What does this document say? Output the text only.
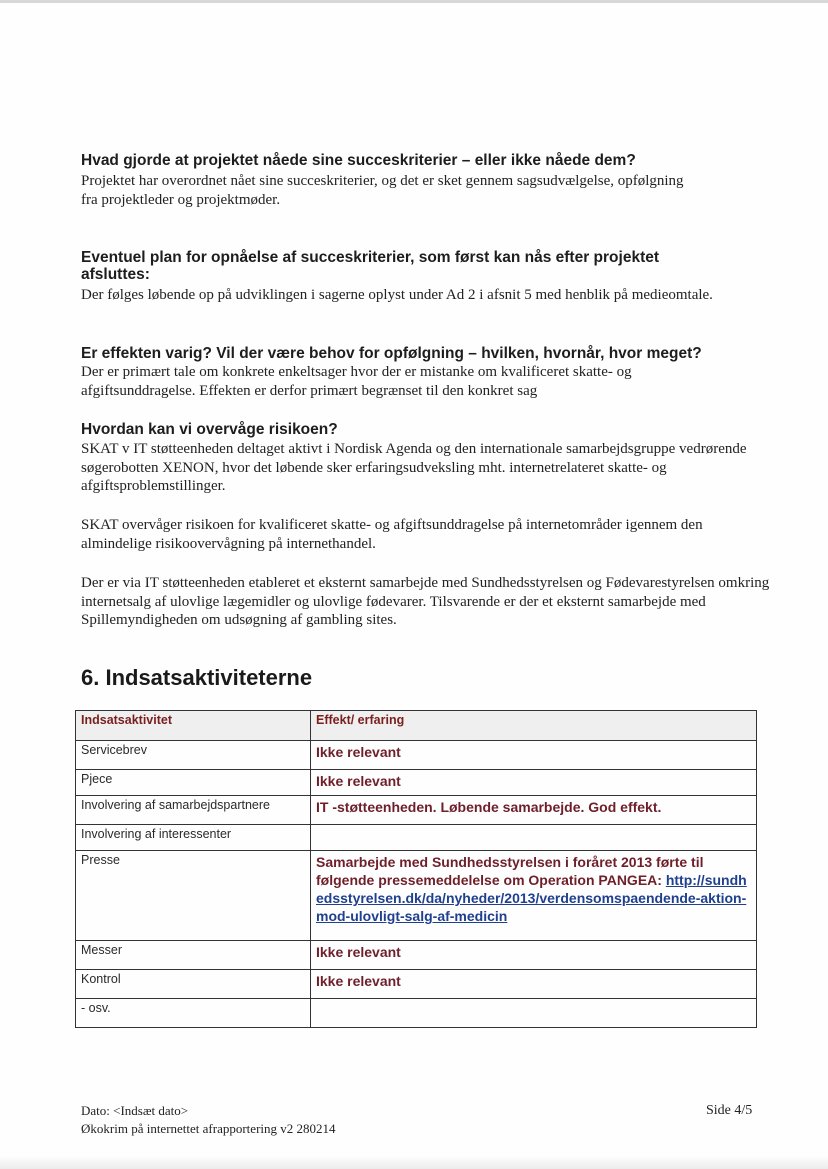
Hvad gjorde at projektet nåede sine succeskriterier – eller ikke nåede dem?
Projektet har overordnet nået sine succeskriterier, og det er sket gennem sagsudvælgelse, opfølgning fra projektleder og projektmøder.
Eventuel plan for opnåelse af succeskriterier, som først kan nås efter projektet afsluttes:
Der følges løbende op på udviklingen i sagerne oplyst under Ad 2 i afsnit 5 med henblik på medieomtale.
Er effekten varig? Vil der være behov for opfølgning – hvilken, hvornår, hvor meget?
Der er primært tale om konkrete enkeltsager hvor der er mistanke om kvalificeret skatte- og afgiftsunddragelse. Effekten er derfor primært begrænset til den konkret sag
Hvordan kan vi overvåge risikoen?
SKAT v IT støtteenheden deltaget aktivt i Nordisk Agenda og den internationale samarbejdsgruppe vedrørende søgerobotten XENON, hvor det løbende sker erfaringsudveksling mht. internetrelateret skatte- og afgiftsproblemstillinger.
SKAT overvåger risikoen for kvalificeret skatte- og afgiftsunddragelse på internetområder igennem den almindelige risikoovervågning på internethandel.
Der er via IT støtteenheden etableret et eksternt samarbejde med Sundhedsstyrelsen og Fødevarestyrelsen omkring internetsalg af ulovlige lægemidler og ulovlige fødevarer. Tilsvarende er der et eksternt samarbejde med Spillemyndigheden om udsøgning af gambling sites.
6. Indsatsaktiviteterne
Indsatsaktivitet	Effekt/ erfaring
Servicebrev	Ikke relevant
Pjece	Ikke relevant
Involvering af samarbejdspartnere	IT -støtteenheden. Løbende samarbejde. God effekt.
Involvering af interessenter	
Presse	Samarbejde med Sundhedsstyrelsen i foråret 2013 førte til følgende pressemeddelelse om Operation PANGEA: http://sundhedsstyrelsen.dk/da/nyheder/2013/verdensomspaendende-aktion-mod-ulovligt-salg-af-medicin
Messer	Ikke relevant
Kontrol	Ikke relevant
- osv.	
Dato: <Indsæt dato>
Økokrim på internettet afrapportering v2 280214
Side 4/5
